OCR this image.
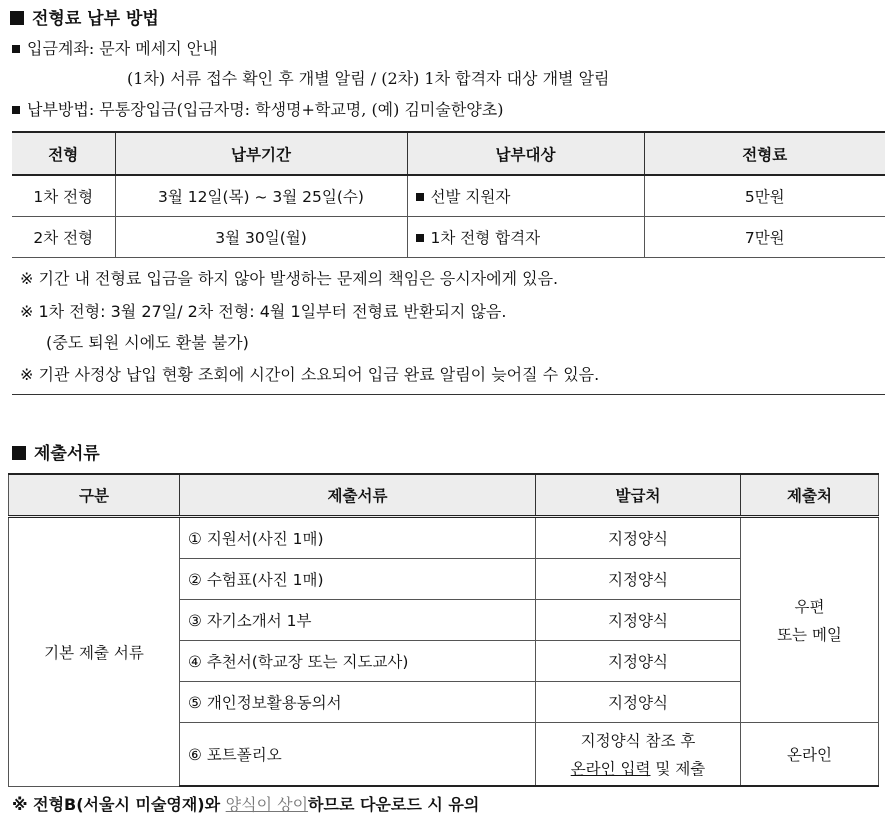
전형료 납부 방법
입금계좌: 문자 메세지 안내
(1차) 서류 접수 확인 후 개별 알림 / (2차) 1차 합격자 대상 개별 알림
납부방법: 무통장입금(입금자명: 학생명+학교명, (예) 김미술한양초)
전형	납부기간	납부대상	전형료
1차 전형	3월 12일(목) ~ 3월 25일(수)	선발 지원자	5만원
2차 전형	3월 30일(월)	1차 전형 합격자	7만원
※ 기간 내 전형료 입금을 하지 않아 발생하는 문제의 책임은 응시자에게 있음.
※ 1차 전형: 3월 27일/ 2차 전형: 4월 1일부터 전형료 반환되지 않음.
(중도 퇴원 시에도 환불 불가)
※ 기관 사정상 납입 현황 조회에 시간이 소요되어 입금 완료 알림이 늦어질 수 있음.
제출서류
구분	제출서류	발급처	제출처
기본 제출 서류	① 지원서(사진 1매)	지정양식	우편
또는 메일

	② 수험표(사진 1매)	지정양식	
	③ 자기소개서 1부	지정양식	
	④ 추천서(학교장 또는 지도교사)	지정양식	
	⑤ 개인정보활용동의서	지정양식	
	⑥ 포트폴리오	지정양식 참조 후
온라인 입력 및 제출	온라인
※ 전형B(서울시 미술영재)와 양식이 상이하므로 다운로드 시 유의
